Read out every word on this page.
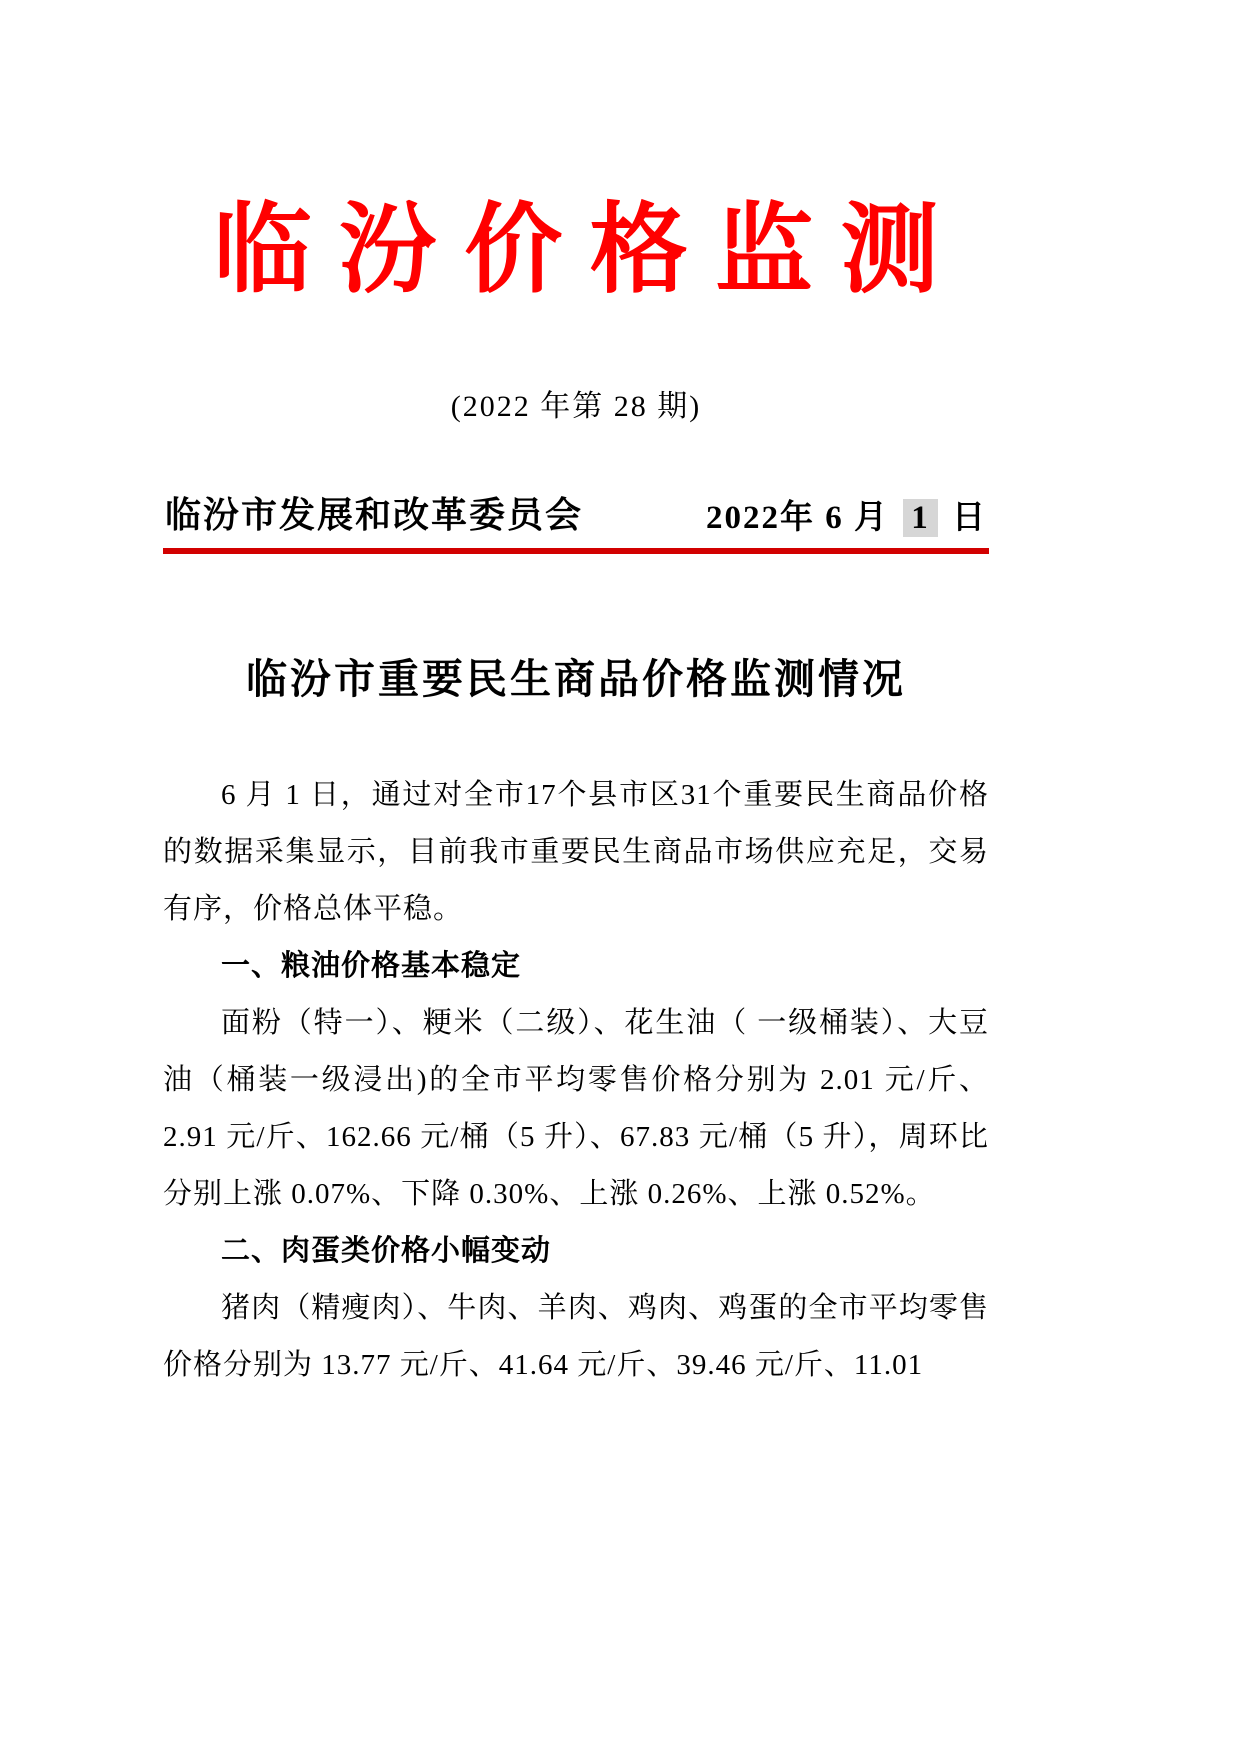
临汾价格监测
(2022 年第 28 期)
临汾市发展和改革委员会	2022年 6 月 1 日
临汾市重要民生商品价格监测情况

6 月 1 日，通过对全市17个县市区31个重要民生商品价格的数据采集显示，目前我市重要民生商品市场供应充足，交易有序，价格总体平稳。

一、粮油价格基本稳定

面粉（特一）、粳米（二级）、花生油（ 一级桶装）、大豆油（桶装一级浸出)的全市平均零售价格分别为 2.01 元/斤、2.91 元/斤、162.66 元/桶（5 升）、67.83 元/桶（5 升），周环比分别上涨 0.07%、下降 0.30%、上涨 0.26%、上涨 0.52%。

二、肉蛋类价格小幅变动

猪肉（精瘦肉）、牛肉、羊肉、鸡肉、鸡蛋的全市平均零售价格分别为 13.77 元/斤、41.64 元/斤、39.46 元/斤、11.01
